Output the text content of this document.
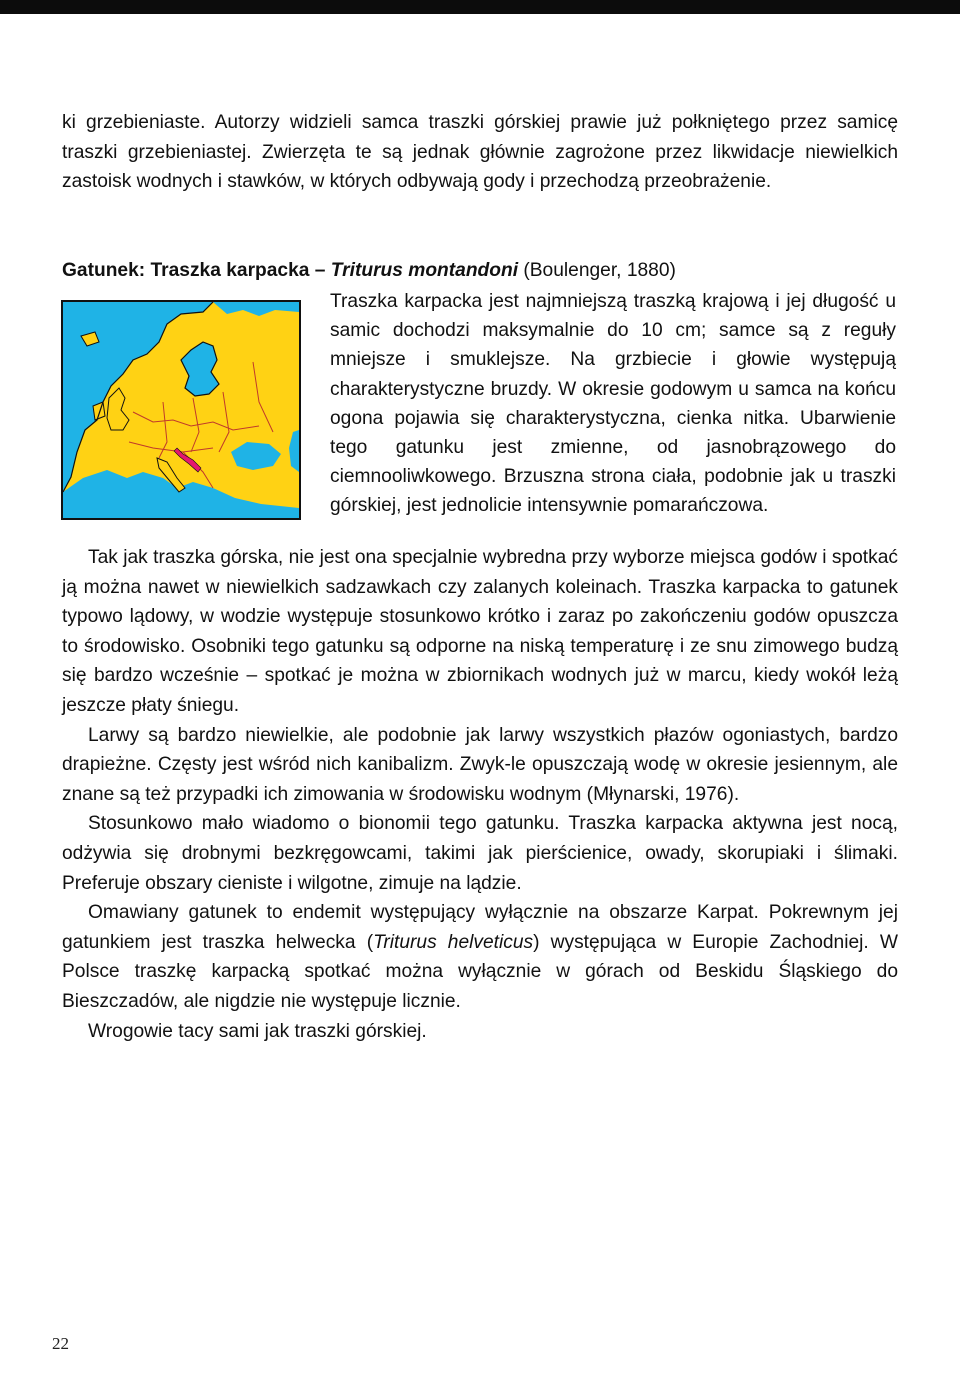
ki grzebieniaste. Autorzy widzieli samca traszki górskiej prawie już połkniętego przez samicę traszki grzebieniastej. Zwierzęta te są jednak głównie zagrożone przez likwidacje niewielkich zastoisk wodnych i stawków, w których odbywają gody i przechodzą przeobrażenie.

Gatunek: Traszka karpacka – Triturus montandoni (Boulenger, 1880)

Traszka karpacka jest najmniejszą traszką krajową i jej długość u samic dochodzi maksymalnie do 10 cm; samce są z reguły mniejsze i smuklejsze. Na grzbiecie i głowie występują charakterystyczne bruzdy. W okresie godowym u samca na końcu ogona pojawia się charakterystyczna, cienka nitka. Ubarwienie tego gatunku jest zmienne, od jasnobrązowego do ciemnooliwkowego. Brzuszna strona ciała, podobnie jak u traszki górskiej, jest jednolicie intensywnie pomarańczowa.

Tak jak traszka górska, nie jest ona specjalnie wybredna przy wyborze miejsca godów i spotkać ją można nawet w niewielkich sadzawkach czy zalanych koleinach. Traszka karpacka to gatunek typowo lądowy, w wodzie występuje stosunkowo krótko i zaraz po zakończeniu godów opuszcza to środowisko. Osobniki tego gatunku są odporne na niską temperaturę i ze snu zimowego budzą się bardzo wcześnie – spotkać je można w zbiornikach wodnych już w marcu, kiedy wokół leżą jeszcze płaty śniegu.

Larwy są bardzo niewielkie, ale podobnie jak larwy wszystkich płazów ogoniastych, bardzo drapieżne. Częsty jest wśród nich kanibalizm. Zwyk-le opuszczają wodę w okresie jesiennym, ale znane są też przypadki ich zimowania w środowisku wodnym (Młynarski, 1976).

Stosunkowo mało wiadomo o bionomii tego gatunku. Traszka karpacka aktywna jest nocą, odżywia się drobnymi bezkręgowcami, takimi jak pierścienice, owady, skorupiaki i ślimaki. Preferuje obszary cieniste i wilgotne, zimuje na lądzie.

Omawiany gatunek to endemit występujący wyłącznie na obszarze Karpat. Pokrewnym jej gatunkiem jest traszka helwecka (Triturus helveticus) występująca w Europie Zachodniej. W Polsce traszkę karpacką spotkać można wyłącznie w górach od Beskidu Śląskiego do Bieszczadów, ale nigdzie nie występuje licznie.

Wrogowie tacy sami jak traszki górskiej.

22
